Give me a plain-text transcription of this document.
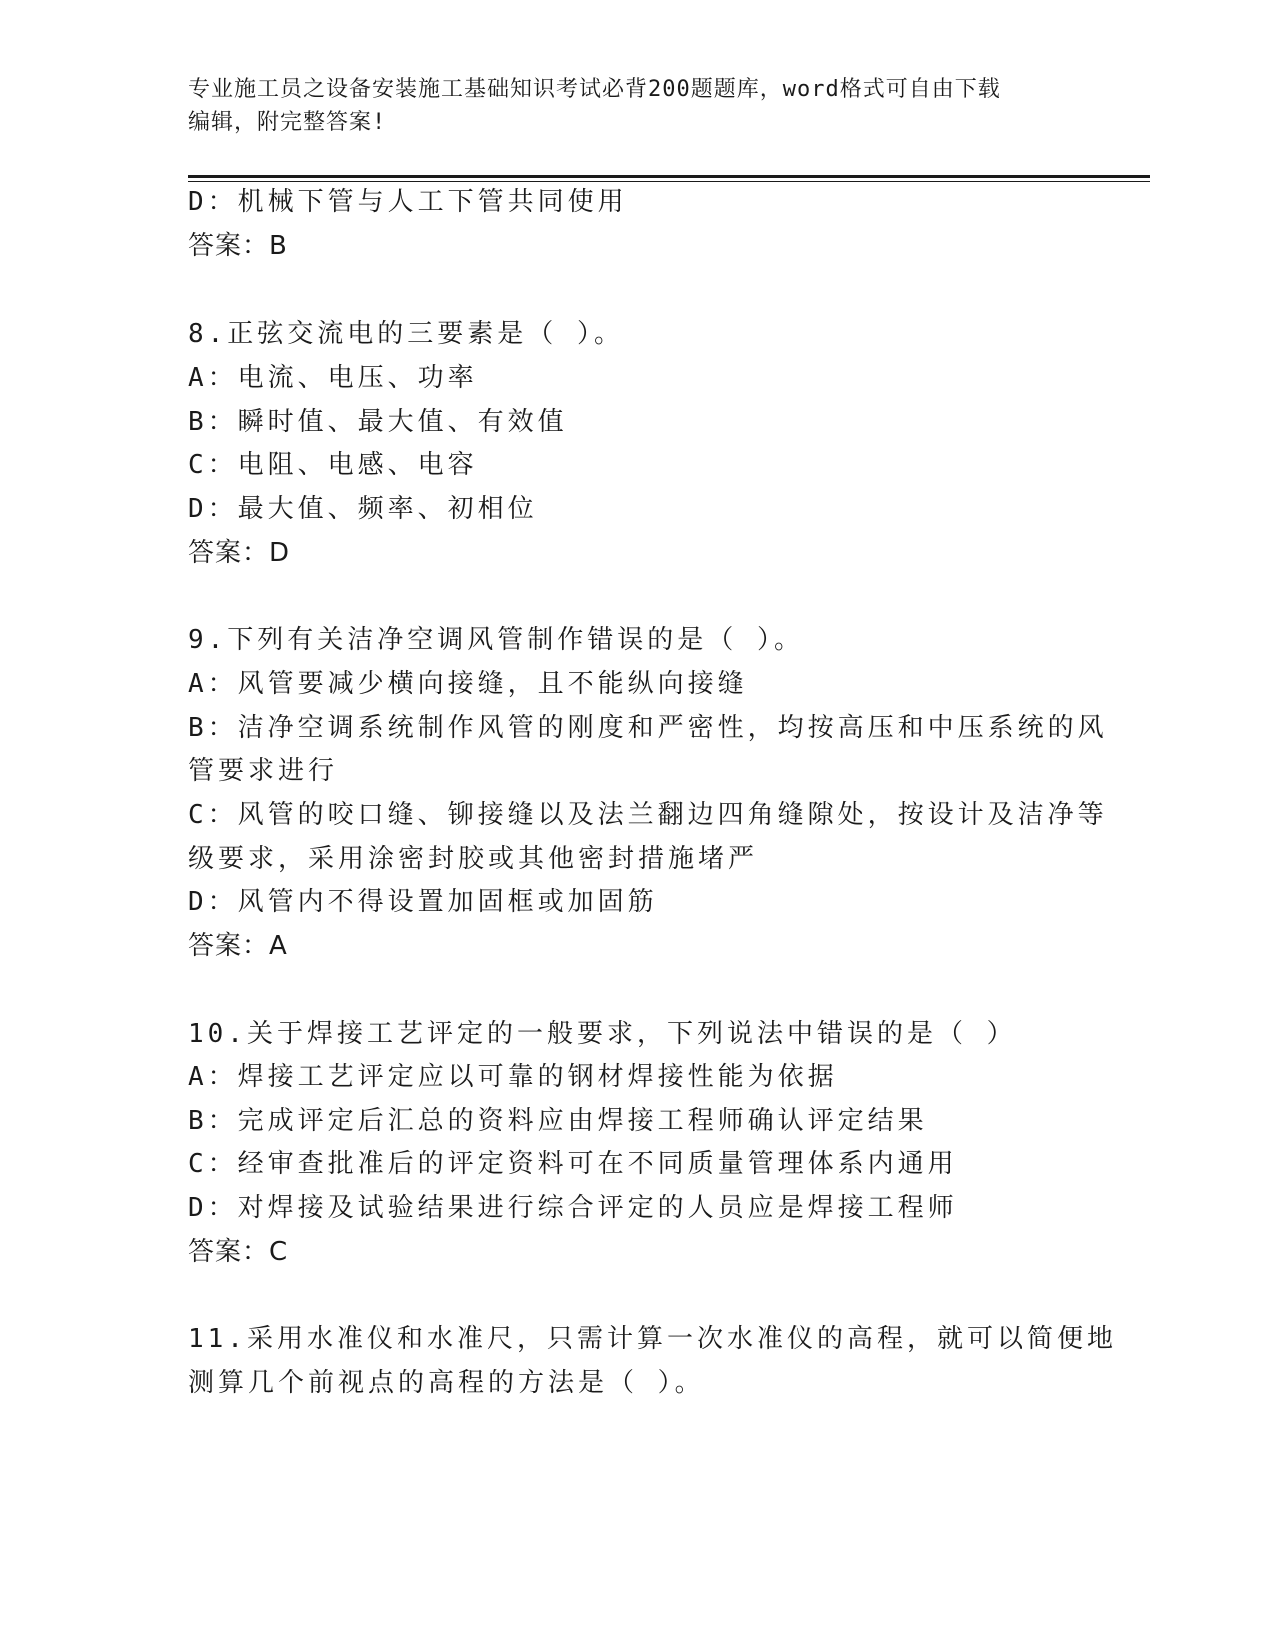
专业施工员之设备安装施工基础知识考试必背200题题库，word格式可自由下载
编辑，附完整答案!
D：机械下管与人工下管共同使用
答案：B
8.正弦交流电的三要素是（ ）。
A：电流、电压、功率
B：瞬时值、最大值、有效值
C：电阻、电感、电容
D：最大值、频率、初相位
答案：D
9.下列有关洁净空调风管制作错误的是（ ）。
A：风管要减少横向接缝，且不能纵向接缝
B：洁净空调系统制作风管的刚度和严密性，均按高压和中压系统的风
管要求进行
C：风管的咬口缝、铆接缝以及法兰翻边四角缝隙处，按设计及洁净等
级要求，采用涂密封胶或其他密封措施堵严
D：风管内不得设置加固框或加固筋
答案：A
10.关于焊接工艺评定的一般要求，下列说法中错误的是（ ）
A：焊接工艺评定应以可靠的钢材焊接性能为依据
B：完成评定后汇总的资料应由焊接工程师确认评定结果
C：经审查批准后的评定资料可在不同质量管理体系内通用
D：对焊接及试验结果进行综合评定的人员应是焊接工程师
答案：C
11.采用水准仪和水准尺，只需计算一次水准仪的高程，就可以简便地
测算几个前视点的高程的方法是（ ）。
